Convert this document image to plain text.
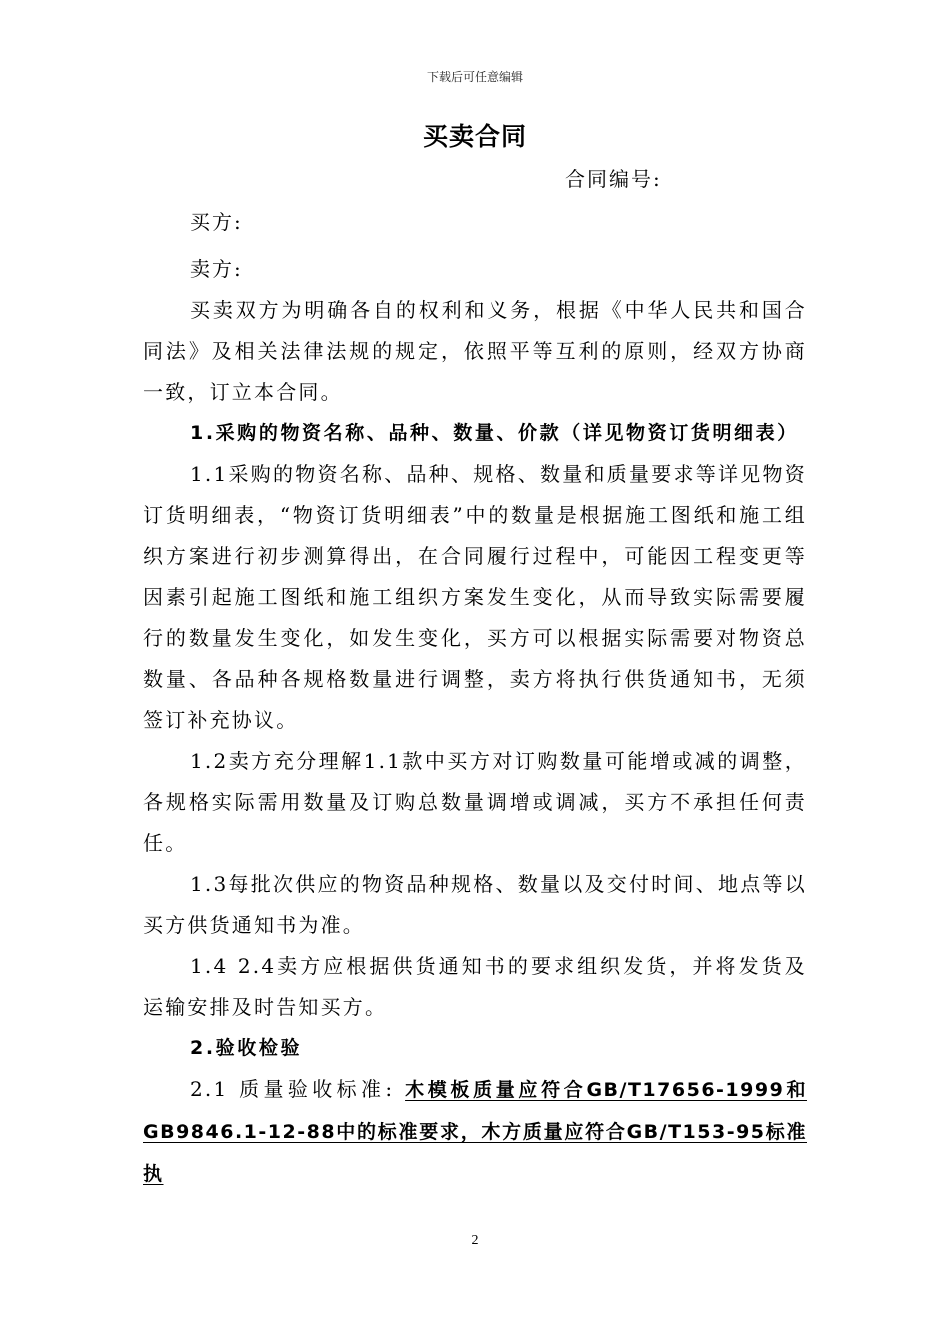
下载后可任意编辑
买卖合同
合同编号:
买方:
卖方:

买卖双方为明确各自的权利和义务，根据《中华人民共和国合同法》及相关法律法规的规定，依照平等互利的原则，经双方协商一致，订立本合同。

1.采购的物资名称、品种、数量、价款（详见物资订货明细表）

1.1采购的物资名称、品种、规格、数量和质量要求等详见物资订货明细表，“物资订货明细表”中的数量是根据施工图纸和施工组织方案进行初步测算得出，在合同履行过程中，可能因工程变更等因素引起施工图纸和施工组织方案发生变化，从而导致实际需要履行的数量发生变化，如发生变化，买方可以根据实际需要对物资总数量、各品种各规格数量进行调整，卖方将执行供货通知书，无须签订补充协议。

1.2卖方充分理解1.1款中买方对订购数量可能增或减的调整，各规格实际需用数量及订购总数量调增或调减，买方不承担任何责任。

1.3每批次供应的物资品种规格、数量以及交付时间、地点等以买方供货通知书为准。

1.4 2.4卖方应根据供货通知书的要求组织发货，并将发货及运输安排及时告知买方。

2.验收检验

2.1 质量验收标准: 木模板质量应符合GB/T17656-1999和GB9846.1-12-88中的标准要求，木方质量应符合GB/T153-95标准执

2
